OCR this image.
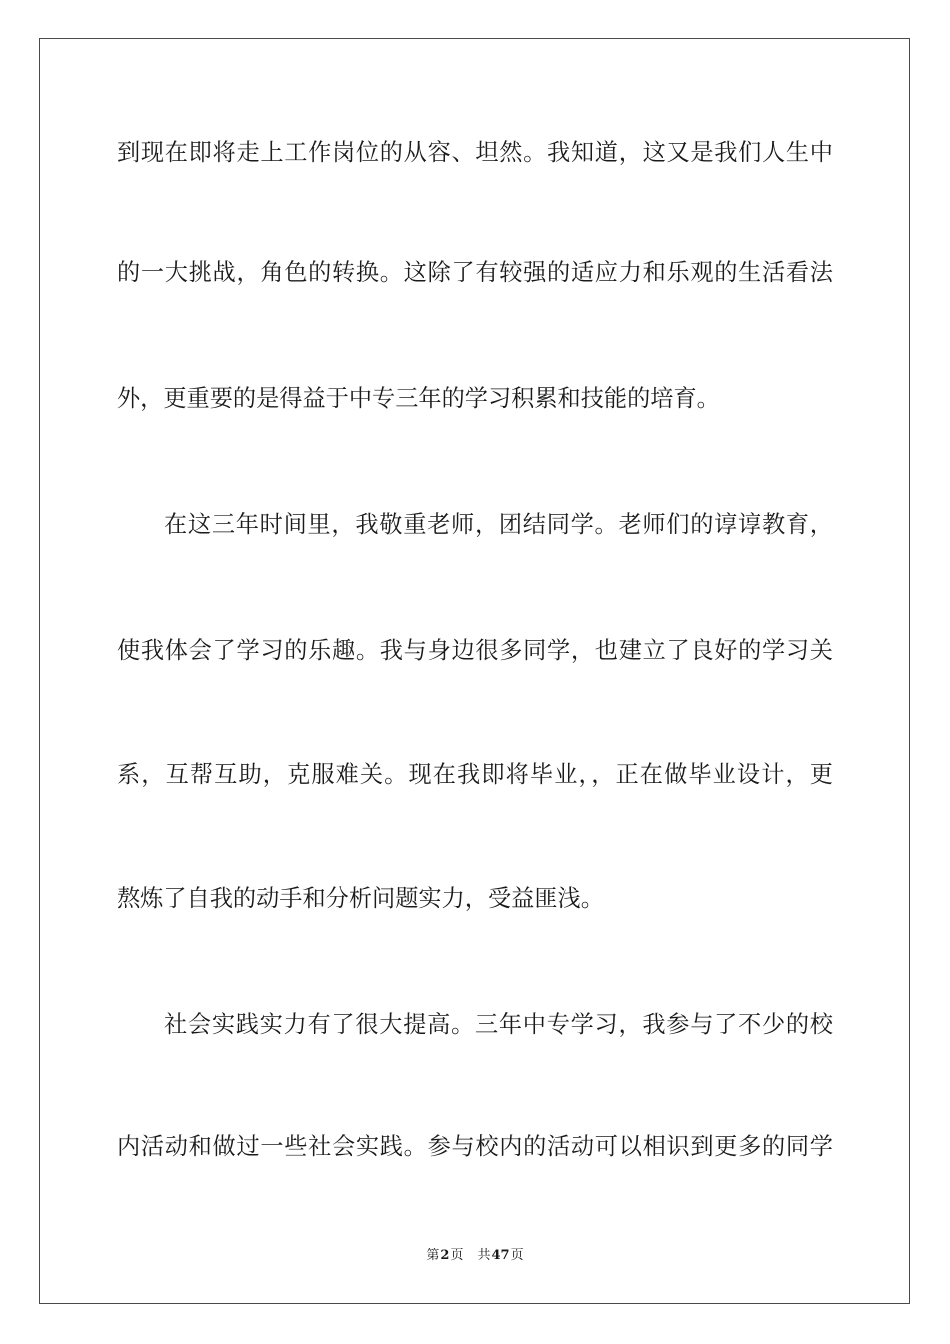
到现在即将走上工作岗位的从容、坦然。我知道，这又是我们人生中
的一大挑战，角色的转换。这除了有较强的适应力和乐观的生活看法
外，更重要的是得益于中专三年的学习积累和技能的培育。
在这三年时间里，我敬重老师，团结同学。老师们的谆谆教育，
使我体会了学习的乐趣。我与身边很多同学，也建立了良好的学习关
系，互帮互助，克服难关。现在我即将毕业，，正在做毕业设计，更
熬炼了自我的动手和分析问题实力，受益匪浅。
社会实践实力有了很大提高。三年中专学习，我参与了不少的校
内活动和做过一些社会实践。参与校内的活动可以相识到更多的同学
第2页 共47页
